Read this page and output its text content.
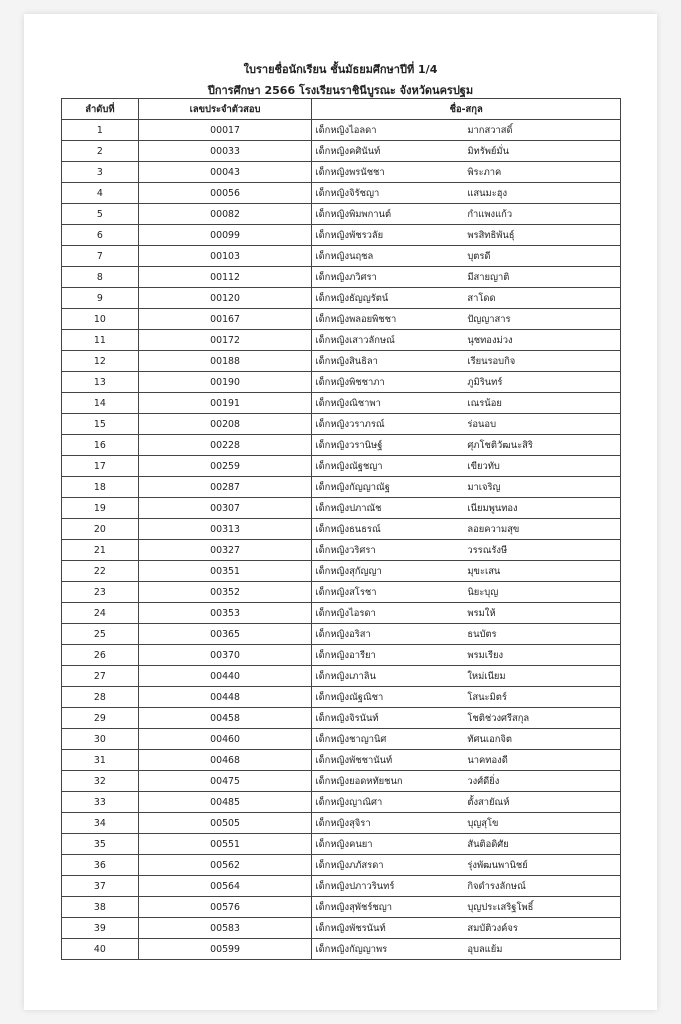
ใบรายชื่อนักเรียน ชั้นมัธยมศึกษาปีที่ 1/4
ปีการศึกษา 2566 โรงเรียนราชินีบูรณะ จังหวัดนครปฐม
ลำดับที่	เลขประจำตัวสอบ	ชื่อ-สกุล
1	00017	เด็กหญิงไอลดา มากสวาสดิ์
2	00033	เด็กหญิงคศินันท์ มิทรัพย์มั่น
3	00043	เด็กหญิงพรนัชชา พิระภาค
4	00056	เด็กหญิงจิรัชญา แสนมะฮุง
5	00082	เด็กหญิงพิมพกานต์ กำแพงแก้ว
6	00099	เด็กหญิงพัชรวลัย พรสิทธิพันธุ์
7	00103	เด็กหญิงนฤชล บุตรดี
8	00112	เด็กหญิงภวิศรา มีสายญาติ
9	00120	เด็กหญิงธัญญรัตน์ สาโดด
10	00167	เด็กหญิงพลอยพิชชา ปัญญาสาร
11	00172	เด็กหญิงเสาวลักษณ์ นุชทองม่วง
12	00188	เด็กหญิงสินธิลา เรียนรอบกิจ
13	00190	เด็กหญิงพิชชาภา ภูมิรินทร์
14	00191	เด็กหญิงณิชาพา เณรน้อย
15	00208	เด็กหญิงวราภรณ์ ร่อนอบ
16	00228	เด็กหญิงวรานิษฐ์ ศุภโชติวัฒนะสิริ
17	00259	เด็กหญิงณัฐชญา เขียวทับ
18	00287	เด็กหญิงกัญญาณัฐ มาเจริญ
19	00307	เด็กหญิงปภาณัช เนียมพูนทอง
20	00313	เด็กหญิงธนธรณ์ ลอยความสุข
21	00327	เด็กหญิงวริศรา วรรณรังษี
22	00351	เด็กหญิงสุกัญญา มุขะเสน
23	00352	เด็กหญิงสโรชา นิยะบุญ
24	00353	เด็กหญิงไอรดา พรมให้
25	00365	เด็กหญิงอริสา ธนบัตร
26	00370	เด็กหญิงอารียา พรมเรียง
27	00440	เด็กหญิงเภาลิน ใหม่เนียม
28	00448	เด็กหญิงณัฐณิชา โสนะมิตร์
29	00458	เด็กหญิงจิรนันท์ โชติช่วงศรีสกุล
30	00460	เด็กหญิงชาญานิศ ทัศนเอกจิต
31	00468	เด็กหญิงพัชชานันท์ นาคทองดี
32	00475	เด็กหญิงยอดหทัยชนก วงศ์ดียิ่ง
33	00485	เด็กหญิงญาณิศา ตั้งสายัณห์
34	00505	เด็กหญิงสุจิรา บุญสุโข
35	00551	เด็กหญิงคนยา สันติอดิศัย
36	00562	เด็กหญิงภภัสรดา รุ่งพัฒนพานิชย์
37	00564	เด็กหญิงปภาวรินทร์ กิจดำรงลักษณ์
38	00576	เด็กหญิงสุพัชร์ชญา บุญประเสริฐโพธิ์
39	00583	เด็กหญิงพัชรนันท์ สมบัติวงค์จร
40	00599	เด็กหญิงกัญญาพร อุบลแย้ม
